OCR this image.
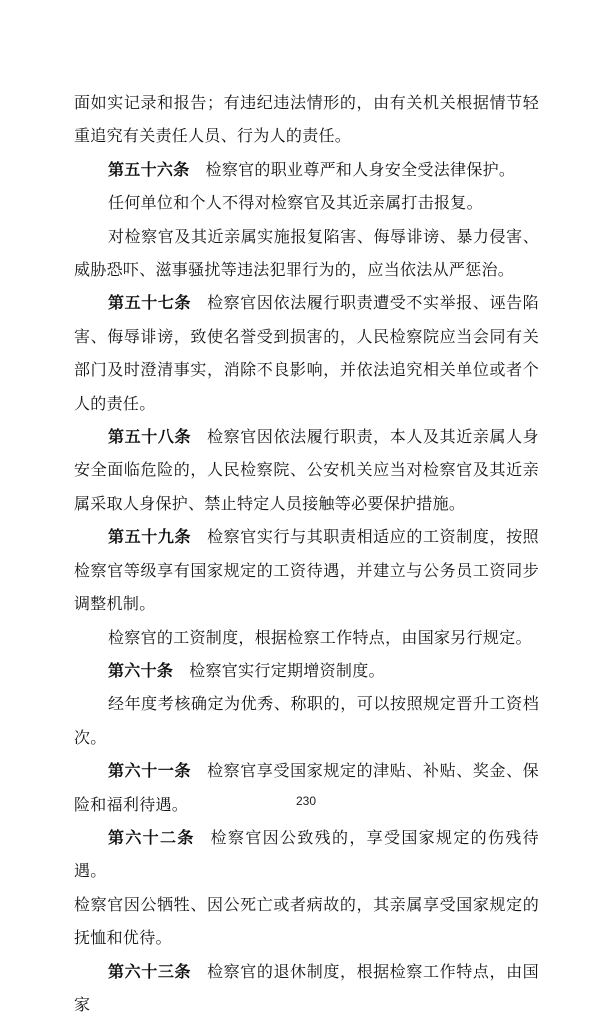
面如实记录和报告；有违纪违法情形的，由有关机关根据情节轻重追究有关责任人员、行为人的责任。

第五十六条 检察官的职业尊严和人身安全受法律保护。

任何单位和个人不得对检察官及其近亲属打击报复。

对检察官及其近亲属实施报复陷害、侮辱诽谤、暴力侵害、威胁恐吓、滋事骚扰等违法犯罪行为的，应当依法从严惩治。

第五十七条 检察官因依法履行职责遭受不实举报、诬告陷害、侮辱诽谤，致使名誉受到损害的，人民检察院应当会同有关部门及时澄清事实，消除不良影响，并依法追究相关单位或者个人的责任。

第五十八条 检察官因依法履行职责，本人及其近亲属人身安全面临危险的，人民检察院、公安机关应当对检察官及其近亲属采取人身保护、禁止特定人员接触等必要保护措施。

第五十九条 检察官实行与其职责相适应的工资制度，按照检察官等级享有国家规定的工资待遇，并建立与公务员工资同步调整机制。

检察官的工资制度，根据检察工作特点，由国家另行规定。

第六十条 检察官实行定期增资制度。

经年度考核确定为优秀、称职的，可以按照规定晋升工资档次。

第六十一条 检察官享受国家规定的津贴、补贴、奖金、保险和福利待遇。

第六十二条 检察官因公致残的，享受国家规定的伤残待遇。

检察官因公牺牲、因公死亡或者病故的，其亲属享受国家规定的抚恤和优待。

第六十三条 检察官的退休制度，根据检察工作特点，由国家

230
